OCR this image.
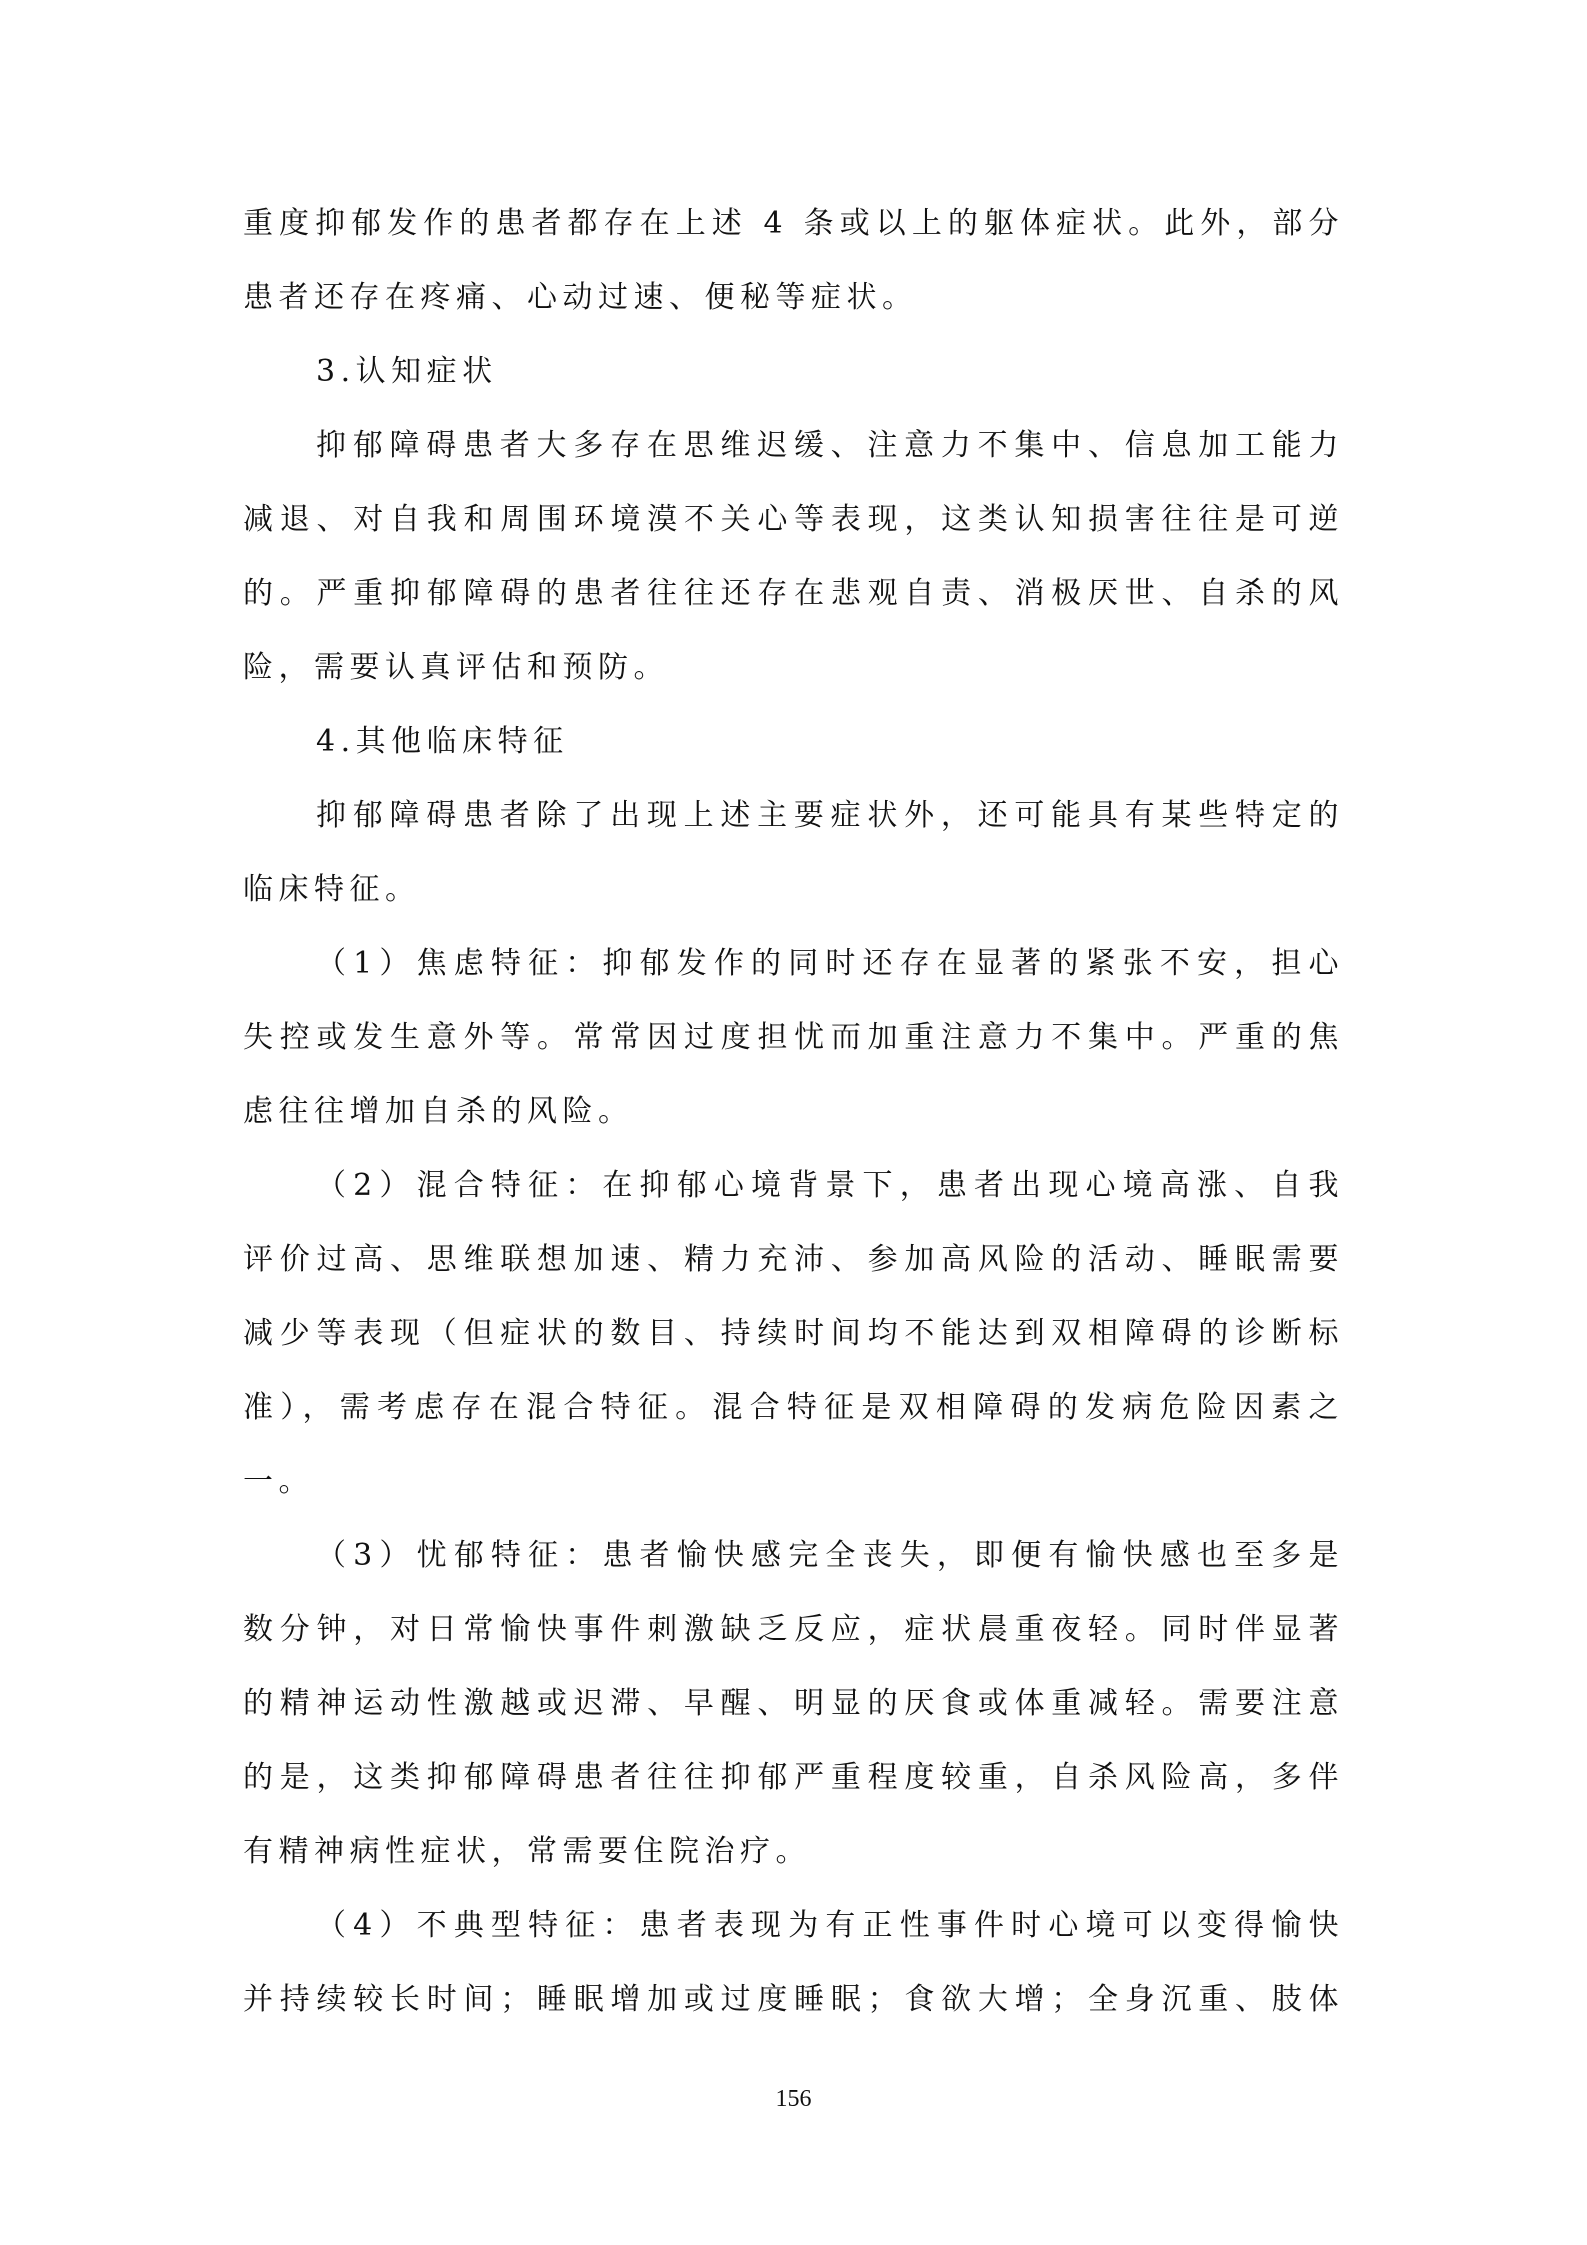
重度抑郁发作的患者都存在上述 4 条或以上的躯体症状。此外，部分
患者还存在疼痛、心动过速、便秘等症状。
3.认知症状
抑郁障碍患者大多存在思维迟缓、注意力不集中、信息加工能力
减退、对自我和周围环境漠不关心等表现，这类认知损害往往是可逆
的。严重抑郁障碍的患者往往还存在悲观自责、消极厌世、自杀的风
险，需要认真评估和预防。
4.其他临床特征
抑郁障碍患者除了出现上述主要症状外，还可能具有某些特定的
临床特征。
（1）焦虑特征：抑郁发作的同时还存在显著的紧张不安，担心
失控或发生意外等。常常因过度担忧而加重注意力不集中。严重的焦
虑往往增加自杀的风险。
（2）混合特征：在抑郁心境背景下，患者出现心境高涨、自我
评价过高、思维联想加速、精力充沛、参加高风险的活动、睡眠需要
减少等表现（但症状的数目、持续时间均不能达到双相障碍的诊断标
准），需考虑存在混合特征。混合特征是双相障碍的发病危险因素之
一。
（3）忧郁特征：患者愉快感完全丧失，即便有愉快感也至多是
数分钟，对日常愉快事件刺激缺乏反应，症状晨重夜轻。同时伴显著
的精神运动性激越或迟滞、早醒、明显的厌食或体重减轻。需要注意
的是，这类抑郁障碍患者往往抑郁严重程度较重，自杀风险高，多伴
有精神病性症状，常需要住院治疗。
（4）不典型特征：患者表现为有正性事件时心境可以变得愉快
并持续较长时间；睡眠增加或过度睡眠；食欲大增；全身沉重、肢体
156
